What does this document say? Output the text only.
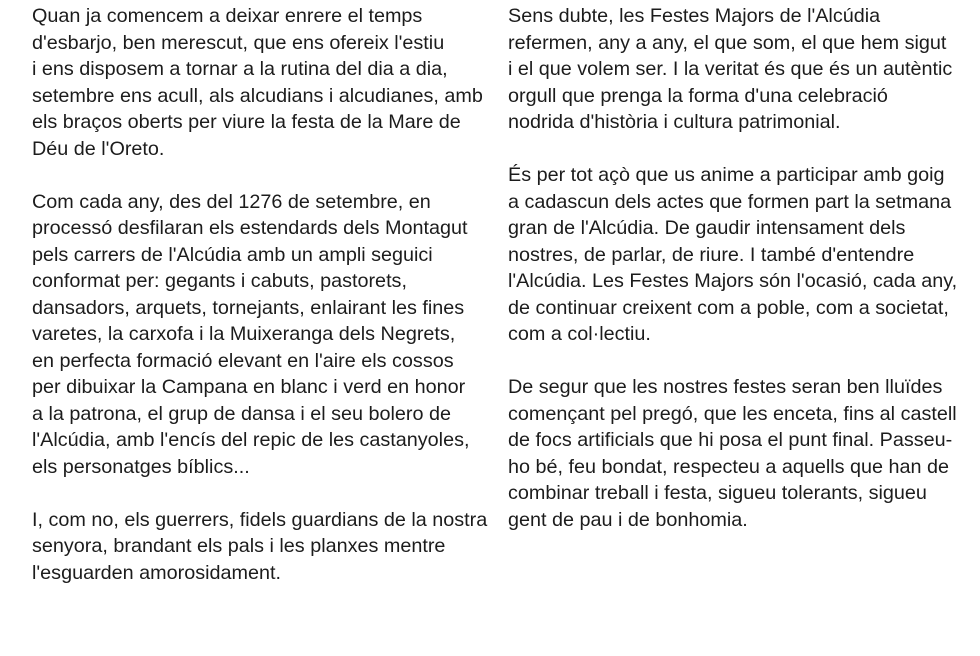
Quan ja comencem a deixar enrere el temps
d'esbarjo, ben merescut, que ens ofereix l'estiu
i ens disposem a tornar a la rutina del dia a dia,
setembre ens acull, als alcudians i alcudianes, amb
els braços oberts per viure la festa de la Mare de
Déu de l'Oreto.
Com cada any, des del 1276 de setembre, en
processó desfilaran els estendards dels Montagut
pels carrers de l'Alcúdia amb un ampli seguici
conformat per: gegants i cabuts, pastorets,
dansadors, arquets, tornejants, enlairant les fines
varetes, la carxofa i la Muixeranga dels Negrets,
en perfecta formació elevant en l'aire els cossos
per dibuixar la Campana en blanc i verd en honor
a la patrona, el grup de dansa i el seu bolero de
l'Alcúdia, amb l'encís del repic de les castanyoles,
els personatges bíblics...
I, com no, els guerrers, fidels guardians de la nostra
senyora, brandant els pals i les planxes mentre
l'esguarden amorosidament.
Sens dubte, les Festes Majors de l'Alcúdia
refermen, any a any, el que som, el que hem sigut
i el que volem ser. I la veritat és que és un autèntic
orgull que prenga la forma d'una celebració
nodrida d'història i cultura patrimonial.
És per tot açò que us anime a participar amb goig
a cadascun dels actes que formen part la setmana
gran de l'Alcúdia. De gaudir intensament dels
nostres, de parlar, de riure. I també d'entendre
l'Alcúdia. Les Festes Majors són l'ocasió, cada any,
de continuar creixent com a poble, com a societat,
com a col·lectiu.
De segur que les nostres festes seran ben lluïdes
començant pel pregó, que les enceta, fins al castell
de focs artificials que hi posa el punt final. Passeu-
ho bé, feu bondat, respecteu a aquells que han de
combinar treball i festa, sigueu tolerants, sigueu
gent de pau i de bonhomia.
